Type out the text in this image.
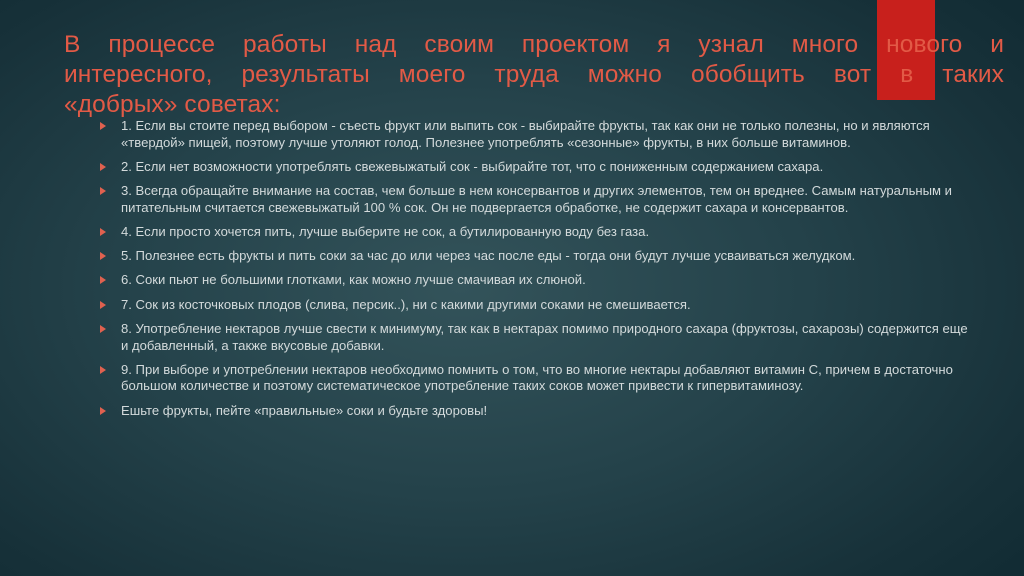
В процессе работы над своим проектом я узнал много нового и
интересного, результаты моего труда можно обобщить вот в таких
«добрых» советах:
1. Если вы стоите перед выбором - съесть фрукт или выпить сок - выбирайте фрукты, так как они не только полезны, но и являются «твердой» пищей, поэтому лучше утоляют голод. Полезнее употреблять «сезонные» фрукты, в них больше витаминов.
2. Если нет возможности употреблять свежевыжатый сок - выбирайте тот, что с пониженным содержанием сахара.
3. Всегда обращайте внимание на состав, чем больше в нем консервантов и других элементов, тем он вреднее. Самым натуральным и питательным считается свежевыжатый 100 % сок. Он не подвергается обработке, не содержит сахара и консервантов.
4. Если просто хочется пить, лучше выберите не сок, а бутилированную воду без газа.
5. Полезнее есть фрукты и пить соки за час до или через час после еды - тогда они будут лучше усваиваться желудком.
6. Соки пьют не большими глотками, как можно лучше смачивая их слюной.
7. Сок из косточковых плодов (слива, персик..), ни с какими другими соками не смешивается.
8. Употребление нектаров лучше свести к минимуму, так как в нектарах помимо природного сахара (фруктозы, сахарозы) содержится еще и добавленный, а также вкусовые добавки.
9. При выборе и употреблении нектаров необходимо помнить о том, что во многие нектары добавляют витамин С, причем в достаточно большом количестве и поэтому систематическое употребление таких соков может привести к гипервитаминозу.
Ешьте фрукты, пейте «правильные» соки и будьте здоровы!
